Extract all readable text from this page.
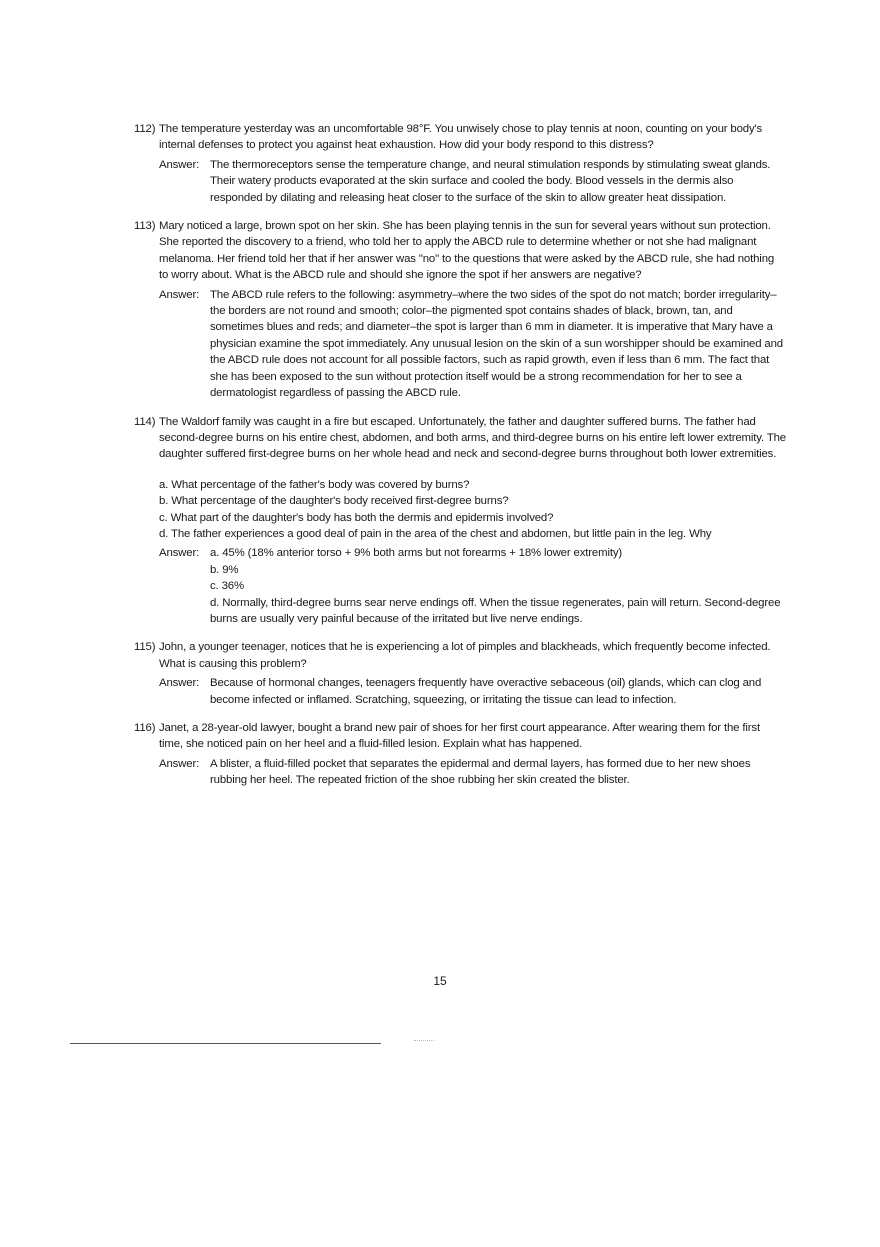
112) The temperature yesterday was an uncomfortable 98°F. You unwisely chose to play tennis at noon, counting on your body's internal defenses to protect you against heat exhaustion. How did your body respond to this distress?

Answer: The thermoreceptors sense the temperature change, and neural stimulation responds by stimulating sweat glands. Their watery products evaporated at the skin surface and cooled the body. Blood vessels in the dermis also responded by dilating and releasing heat closer to the surface of the skin to allow greater heat dissipation.

113) Mary noticed a large, brown spot on her skin. She has been playing tennis in the sun for several years without sun protection. She reported the discovery to a friend, who told her to apply the ABCD rule to determine whether or not she had malignant melanoma. Her friend told her that if her answer was "no" to the questions that were asked by the ABCD rule, she had nothing to worry about. What is the ABCD rule and should she ignore the spot if her answers are negative?

Answer: The ABCD rule refers to the following: asymmetry–where the two sides of the spot do not match; border irregularity–the borders are not round and smooth; color–the pigmented spot contains shades of black, brown, tan, and sometimes blues and reds; and diameter–the spot is larger than 6 mm in diameter. It is imperative that Mary have a physician examine the spot immediately. Any unusual lesion on the skin of a sun worshipper should be examined and the ABCD rule does not account for all possible factors, such as rapid growth, even if less than 6 mm. The fact that she has been exposed to the sun without protection itself would be a strong recommendation for her to see a dermatologist regardless of passing the ABCD rule.

114) The Waldorf family was caught in a fire but escaped. Unfortunately, the father and daughter suffered burns. The father had second-degree burns on his entire chest, abdomen, and both arms, and third-degree burns on his entire left lower extremity. The daughter suffered first-degree burns on her whole head and neck and second-degree burns throughout both lower extremities.

a. What percentage of the father's body was covered by burns?

b. What percentage of the daughter's body received first-degree burns?

c. What part of the daughter's body has both the dermis and epidermis involved?

d. The father experiences a good deal of pain in the area of the chest and abdomen, but little pain in the leg. Why

Answer: a. 45% (18% anterior torso + 9% both arms but not forearms + 18% lower extremity)

b. 9%

c. 36%

d. Normally, third-degree burns sear nerve endings off. When the tissue regenerates, pain will return. Second-degree burns are usually very painful because of the irritated but live nerve endings.

115) John, a younger teenager, notices that he is experiencing a lot of pimples and blackheads, which frequently become infected. What is causing this problem?

Answer: Because of hormonal changes, teenagers frequently have overactive sebaceous (oil) glands, which can clog and become infected or inflamed. Scratching, squeezing, or irritating the tissue can lead to infection.

116) Janet, a 28-year-old lawyer, bought a brand new pair of shoes for her first court appearance. After wearing them for the first time, she noticed pain on her heel and a fluid-filled lesion. Explain what has happened.

Answer: A blister, a fluid-filled pocket that separates the epidermal and dermal layers, has formed due to her new shoes rubbing her heel. The repeated friction of the shoe rubbing her skin created the blister.

15
